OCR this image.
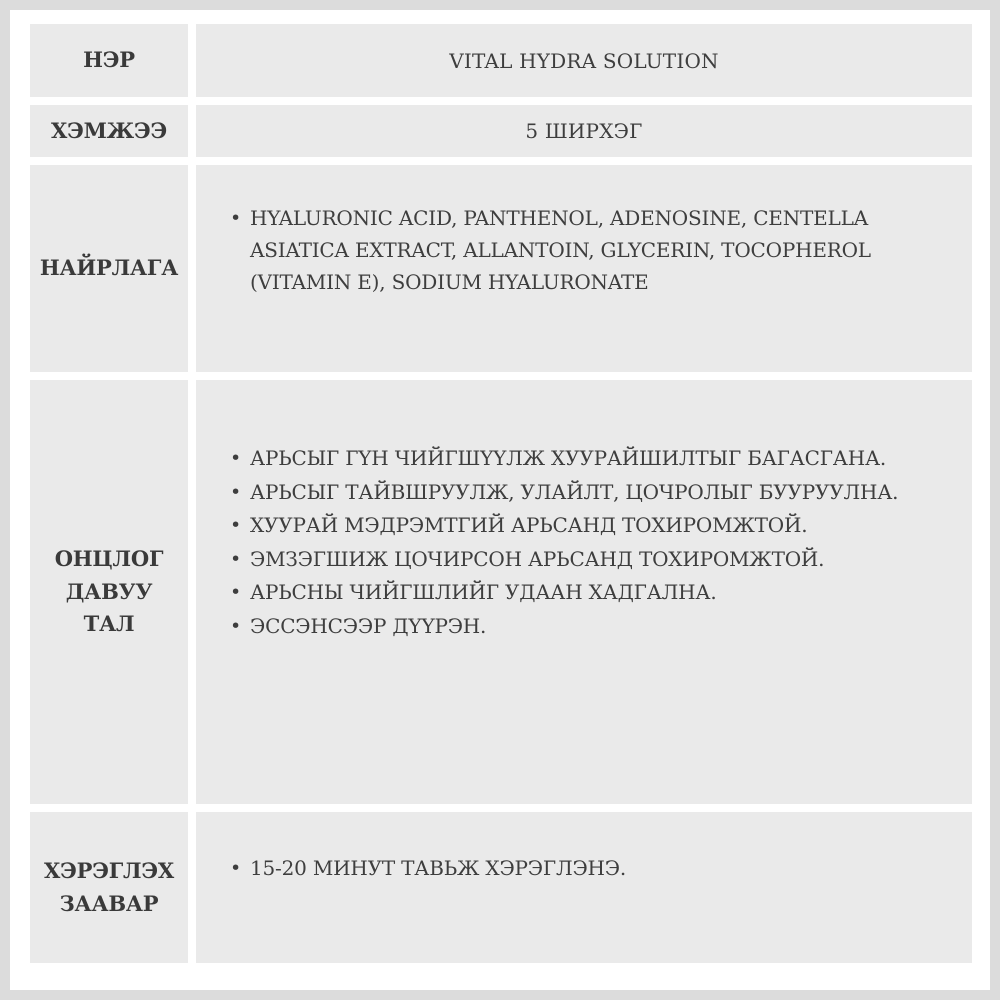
НЭР	VITAL HYDRA SOLUTION
ХЭМЖЭЭ	5 ШИРХЭГ
НАЙРЛАГА
• HYALURONIC ACID, PANTHENOL, ADENOSINE, CENTELLA ASIATICA EXTRACT, ALLANTOIN, GLYCERIN, TOCOPHEROL (VITAMIN E), SODIUM HYALURONATE
ОНЦЛОГ ДАВУУ ТАЛ
• АРЬСЫГ ГҮН ЧИЙГШҮҮЛЖ ХУУРАЙШИЛТЫГ БАГАСГАНА.
• АРЬСЫГ ТАЙВШРУУЛЖ, УЛАЙЛТ, ЦОЧРОЛЫГ БУУРУУЛНА.
• ХУУРАЙ МЭДРЭМТГИЙ АРЬСАНД ТОХИРОМЖТОЙ.
• ЭМЗЭГШИЖ ЦОЧИРСОН АРЬСАНД ТОХИРОМЖТОЙ.
• АРЬСНЫ ЧИЙГШЛИЙГ УДААН ХАДГАЛНА.
• ЭССЭНСЭЭР ДҮҮРЭН.
ХЭРЭГЛЭХ ЗААВАР
• 15-20 МИНУТ ТАВЬЖ ХЭРЭГЛЭНЭ.
